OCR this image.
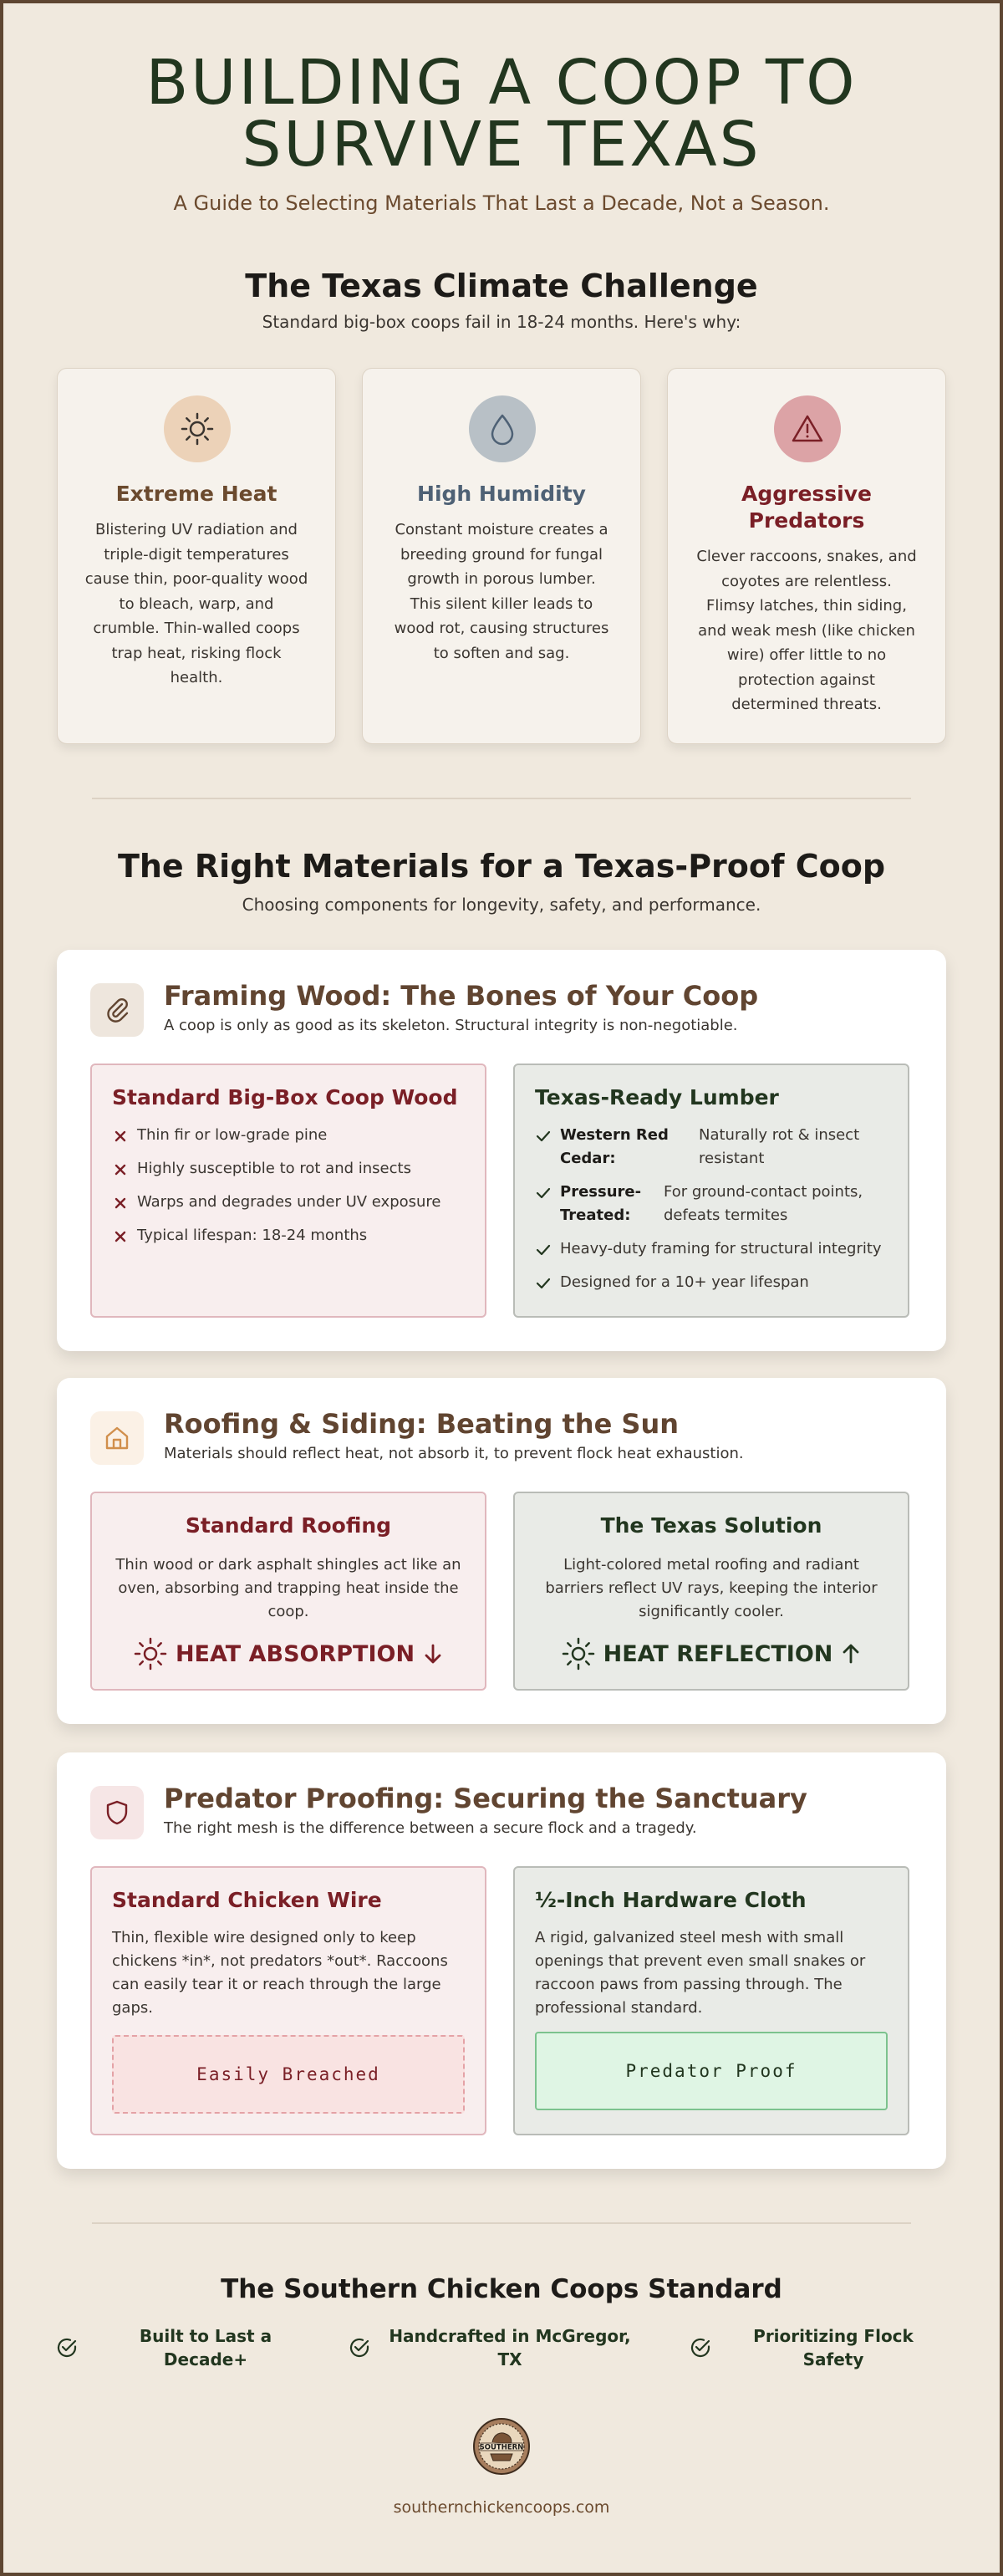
BUILDING A COOP TO
SURVIVE TEXAS
A Guide to Selecting Materials That Last a Decade, Not a Season.
The Texas Climate Challenge
Standard big-box coops fail in 18-24 months. Here's why:
Extreme Heat
Blistering UV radiation and
triple-digit temperatures
cause thin, poor-quality wood
to bleach, warp, and
crumble. Thin-walled coops
trap heat, risking flock
health.
High Humidity
Constant moisture creates a
breeding ground for fungal
growth in porous lumber.
This silent killer leads to
wood rot, causing structures
to soften and sag.
Aggressive
Predators
Clever raccoons, snakes, and
coyotes are relentless.
Flimsy latches, thin siding,
and weak mesh (like chicken
wire) offer little to no
protection against
determined threats.
The Right Materials for a Texas-Proof Coop
Choosing components for longevity, safety, and performance.
Framing Wood: The Bones of Your Coop
A coop is only as good as its skeleton. Structural integrity is non-negotiable.
Standard Big-Box Coop Wood
Thin fir or low-grade pine
Highly susceptible to rot and insects
Warps and degrades under UV exposure
Typical lifespan: 18-24 months
Texas-Ready Lumber
Western Red
Cedar:
Naturally rot & insect
resistant
Pressure-
Treated:
For ground-contact points,
defeats termites
Heavy-duty framing for structural integrity
Designed for a 10+ year lifespan
Roofing & Siding: Beating the Sun
Materials should reflect heat, not absorb it, to prevent flock heat exhaustion.
Standard Roofing
Thin wood or dark asphalt shingles act like an
oven, absorbing and trapping heat inside the
coop.
HEAT ABSORPTION
The Texas Solution
Light-colored metal roofing and radiant
barriers reflect UV rays, keeping the interior
significantly cooler.
HEAT REFLECTION
Predator Proofing: Securing the Sanctuary
The right mesh is the difference between a secure flock and a tragedy.
Standard Chicken Wire
Thin, flexible wire designed only to keep
chickens *in*, not predators *out*. Raccoons
can easily tear it or reach through the large
gaps.
Easily Breached
½-Inch Hardware Cloth
A rigid, galvanized steel mesh with small
openings that prevent even small snakes or
raccoon paws from passing through. The
professional standard.
Predator Proof
The Southern Chicken Coops Standard
Built to Last a
Decade+
Handcrafted in McGregor,
TX
Prioritizing Flock
Safety
SOUTHERN
southernchickencoops.com
